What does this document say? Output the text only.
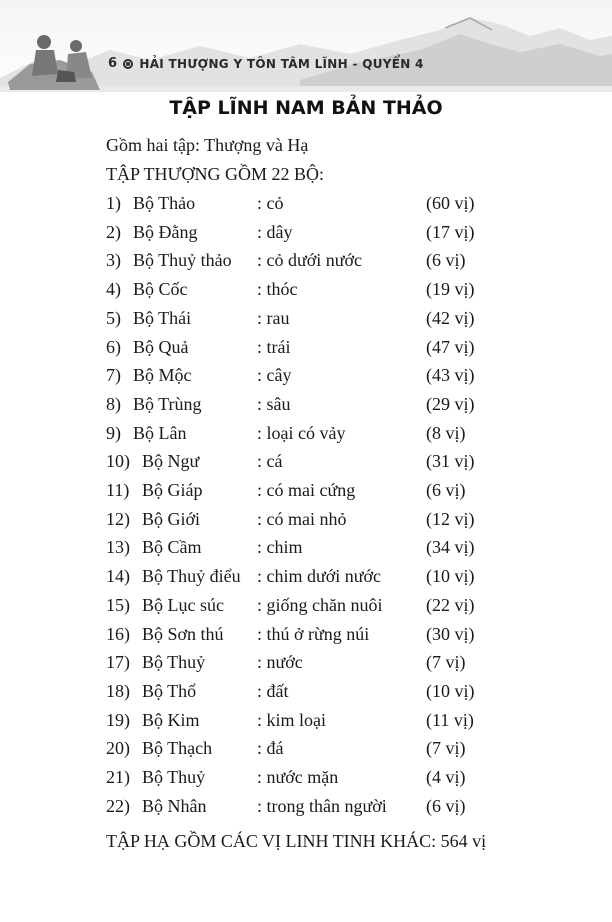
6 HẢI THƯỢNG Y TÔN TÂM LĨNH - QUYỂN 4
TẬP LĨNH NAM BẢN THẢO
Gồm hai tập: Thượng và Hạ
TẬP THƯỢNG GỒM 22 BỘ:
1) Bộ Thảo	: cỏ	(60 vị)
2) Bộ Đằng	: dây	(17 vị)
3) Bộ Thuỷ thảo : cỏ dưới nước	(6 vị)
4) Bộ Cốc	: thóc	(19 vị)
5) Bộ Thái	: rau	(42 vị)
6) Bộ Quả	: trái	(47 vị)
7) Bộ Mộc	: cây	(43 vị)
8) Bộ Trùng	: sâu	(29 vị)
9) Bộ Lân	: loại có vảy	(8 vị)
10) Bộ Ngư	: cá	(31 vị)
11) Bộ Giáp	: có mai cứng	(6 vị)
12) Bộ Giới	: có mai nhỏ	(12 vị)
13) Bộ Cầm	: chim	(34 vị)
14) Bộ Thuỷ điểu : chim dưới nước (10 vị)
15) Bộ Lục súc : giống chăn nuôi (22 vị)
16) Bộ Sơn thú : thú ở rừng núi	(30 vị)
17) Bộ Thuỷ	: nước	(7 vị)
18) Bộ Thổ	: đất	(10 vị)
19) Bộ Kim	: kim loại	(11 vị)
20) Bộ Thạch : đá	(7 vị)
21) Bộ Thuỷ	: nước mặn	(4 vị)
22) Bộ Nhân	: trong thân người (6 vị)
TẬP HẠ GỒM CÁC VỊ LINH TINH KHÁC: 564 vị
